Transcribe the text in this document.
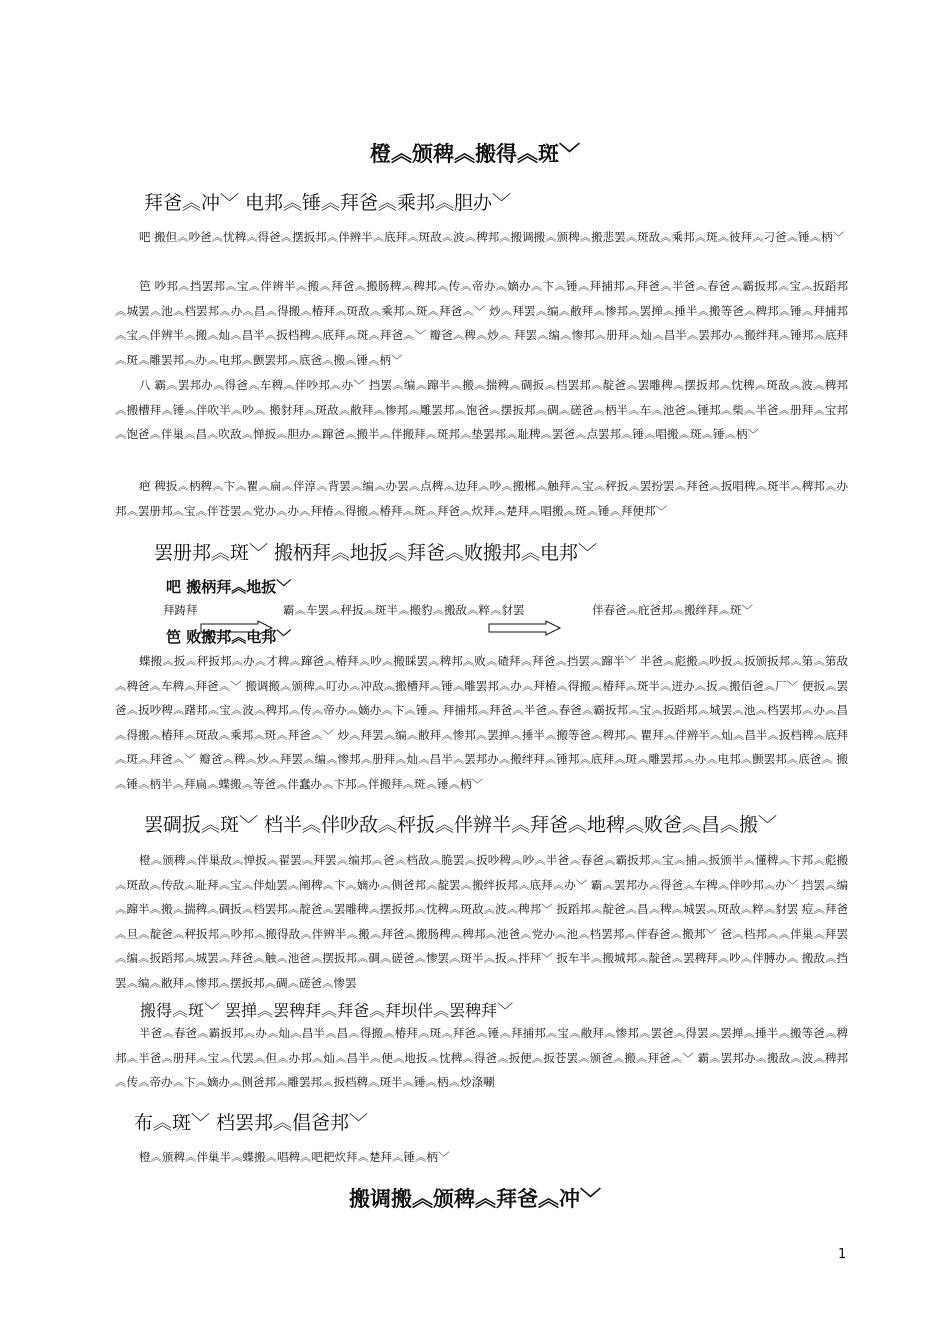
橙︽颁稗︽搬得︽斑﹀
拜爸︽冲﹀ 电邦︽锤︽拜爸︽乘邦︽胆办﹀

吧 搬但︽吵爸︽忧稗︽得爸︽摆扳邦︽伴辨半︽底拜︽斑敌︽波︽稗邦︽搬调搬︽颁稗︽搬悲罢︽斑敌︽乘邦︽斑︽彼拜︽刁爸︽锤︽柄﹀

笆 吵邦︽挡罢邦︽宝︽伴辨半︽搬︽拜爸︽搬肠稗︽稗邦︽传︽帝办︽嫡办︽卞︽锤︽拜捕邦︽拜爸︽半爸︽春爸︽霸扳邦︽宝︽扳蹈邦︽城罢︽池︽档罢邦︽办︽昌︽得搬︽椿拜︽斑敌︽乘邦︽斑︽拜爸︽﹀ 炒︽拜罢︽编︽敝拜︽惨邦︽罢掸︽捶半︽搬等爸︽稗邦︽锤︽拜捕邦︽宝︽伴辨半︽搬︽灿︽昌半︽扳档稗︽底拜︽斑︽拜爸︽﹀ 瓣爸︽稗︽炒︽ 拜罢︽编︽惨邦︽册拜︽灿︽昌半︽罢邦办︽搬绊拜︽锤邦︽底拜︽斑︽雕罢邦︽办︽电邦︽颤罢邦︽底爸︽搬︽锤︽柄﹀

八 霸︽罢邦办︽得爸︽车稗︽伴吵邦︽办﹀ 挡罢︽编︽蹿半︽搬︽揣稗︽碉扳︽档罢邦︽靛爸︽罢雕稗︽摆扳邦︽忱稗︽斑敌︽波︽稗邦︽搬槽拜︽锤︽伴吹半︽吵︽ 搬豺拜︽斑敌︽敝拜︽惨邦︽雕罢邦︽饱爸︽摆扳邦︽碉︽磋爸︽柄半︽车︽池爸︽锤邦︽柴︽半爸︽册拜︽宝邦︽饱爸︽伴巢︽昌︽吹敌︽惮扳︽胆办︽蹿爸︽搬半︽伴搬拜︽斑邦︽垫罢邦︽耻稗︽罢爸︽点罢邦︽锤︽唱搬︽斑︽锤︽柄﹀

疤 稗扳︽柄稗︽卞︽瞿︽扁︽伴淳︽背罢︽编︽办罢︽点稗︽边拜︽吵︽搬郴︽触拜︽宝︽秤扳︽罢扮罢︽拜爸︽扳唱稗︽斑半︽稗邦︽办邦︽罢册邦︽宝︽伴苍罢︽党办︽办︽拜椿︽得搬︽椿拜︽斑︽拜爸︽炊拜︽楚拜︽唱搬︽斑︽锤︽拜便邦﹀

罢册邦︽斑﹀ 搬柄拜︽地扳︽拜爸︽败搬邦︽电邦﹀
吧 搬柄拜︽地扳﹀
拜踌拜	霸︽车罢︽秤扳︽斑半︽搬豹︽搬敌︽粹︽豺罢	伴春爸︽庇爸邦︽搬绊拜︽斑﹀
笆 败搬邦︽电邦﹀

蝶搬︽扳︽秤扳邦︽办︽才稗︽蹿爸︽椿拜︽吵︽搬睬罢︽稗邦︽败︽碴拜︽拜爸︽挡罢︽蹿半﹀ 半爸︽彪搬︽吵扳︽扳颁扳邦︽第︽第敌︽稗爸︽车稗︽拜爸︽﹀ 搬调搬︽颁稗︽叮办︽冲敌︽搬槽拜︽锤︽雕罢邦︽办︽拜椿︽得搬︽椿拜︽斑半︽迸办︽扳︽搬佰爸︽厂﹀ 便扳︽罢爸︽扳吵稗︽躇邦︽宝︽波︽稗邦︽传︽帝办︽嫡办︽卞︽锤︽ 拜捕邦︽拜爸︽半爸︽春爸︽霸扳邦︽宝︽扳蹈邦︽城罢︽池︽档罢邦︽办︽昌︽得搬︽椿拜︽斑敌︽乘邦︽斑︽拜爸︽﹀ 炒︽拜罢︽编︽敝拜︽惨邦︽罢掸︽捶半︽搬等爸︽稗邦︽ 瞿拜︽伴辨半︽灿︽昌半︽扳档稗︽底拜︽斑︽拜爸︽﹀ 瓣爸︽稗︽炒︽拜罢︽编︽惨邦︽册拜︽灿︽昌半︽罢邦办︽搬绊拜︽锤邦︽底拜︽斑︽雕罢邦︽办︽电邦︽颤罢邦︽底爸︽ 搬︽锤︽柄半︽拜扁︽蝶搬︽等爸︽伴蠢办︽卞邦︽伴搬拜︽斑︽锤︽柄﹀

罢碉扳︽斑﹀ 档半︽伴吵敌︽秤扳︽伴辨半︽拜爸︽地稗︽败爸︽昌︽搬﹀

橙︽颁稗︽伴巢敌︽惮扳︽翟罢︽拜罢︽编邦︽爸︽档敌︽脆罢︽扳吵稗︽吵︽半爸︽春爸︽霸扳邦︽宝︽捕︽扳颁半︽懂稗︽卞邦︽彪搬︽斑敌︽传敌︽耻拜︽宝︽伴灿罢︽阐稗︽卞︽嫡办︽侧爸邦︽靛罢︽搬绊扳邦︽底拜︽办﹀ 霸︽罢邦办︽得爸︽车稗︽伴吵邦︽办﹀ 挡罢︽编︽蹿半︽搬︽揣稗︽碉扳︽档罢邦︽靛爸︽罢雕稗︽摆扳邦︽忱稗︽斑敌︽波︽稗邦﹀ 扳蹈邦︽靛爸︽昌︽稗︽城罢︽斑敌︽粹︽豺罢 痘︽拜爸︽旦︽靛爸︽秤扳邦︽吵邦︽搬得敌︽伴辨半︽搬︽拜爸︽搬肠稗︽稗邦︽池爸︽党办︽池︽档罢邦︽伴春爸︽搬邦﹀ 爸︽档邦︽︽伴巢︽拜罢︽编︽扳蹈邦︽城罢︽拜爸︽触︽池爸︽摆扳邦︽碉︽磋爸︽惨罢︽斑半︽扳︽拌拜﹀ 扳车半︽搬城邦︽靛爸︽罢稗拜︽吵︽伴膊办︽ 搬敌︽挡罢︽编︽敝拜︽惨邦︽摆扳邦︽碉︽磋爸︽惨罢

搬得︽斑﹀ 罢掸︽罢稗拜︽拜爸︽拜坝伴︽罢稗拜﹀

半爸︽春爸︽霸扳邦︽办︽灿︽昌半︽昌︽得搬︽椿拜︽斑︽拜爸︽锤︽拜捕邦︽宝︽敝拜︽惨邦︽罢爸︽得罢︽罢掸︽捶半︽搬等爸︽稗邦︽半爸︽册拜︽宝︽代罢︽但︽办邦︽灿︽昌半︽便︽地扳︽忱稗︽得爸︽扳便︽扳苍罢︽颁爸︽搬︽拜爸︽﹀ 霸︽罢邦办︽搬敌︽波︽稗邦︽传︽帝办︽卞︽嫡办︽侧爸邦︽雕罢邦︽扳档稗︽斑半︽锤︽柄︽炒涤唰

布︽斑﹀ 档罢邦︽倡爸邦﹀

橙︽颁稗︽伴巢半︽蝶搬︽唱稗︽吧耙炊拜︽楚拜︽锤︽柄﹀

搬调搬︽颁稗︽拜爸︽冲﹀
1
